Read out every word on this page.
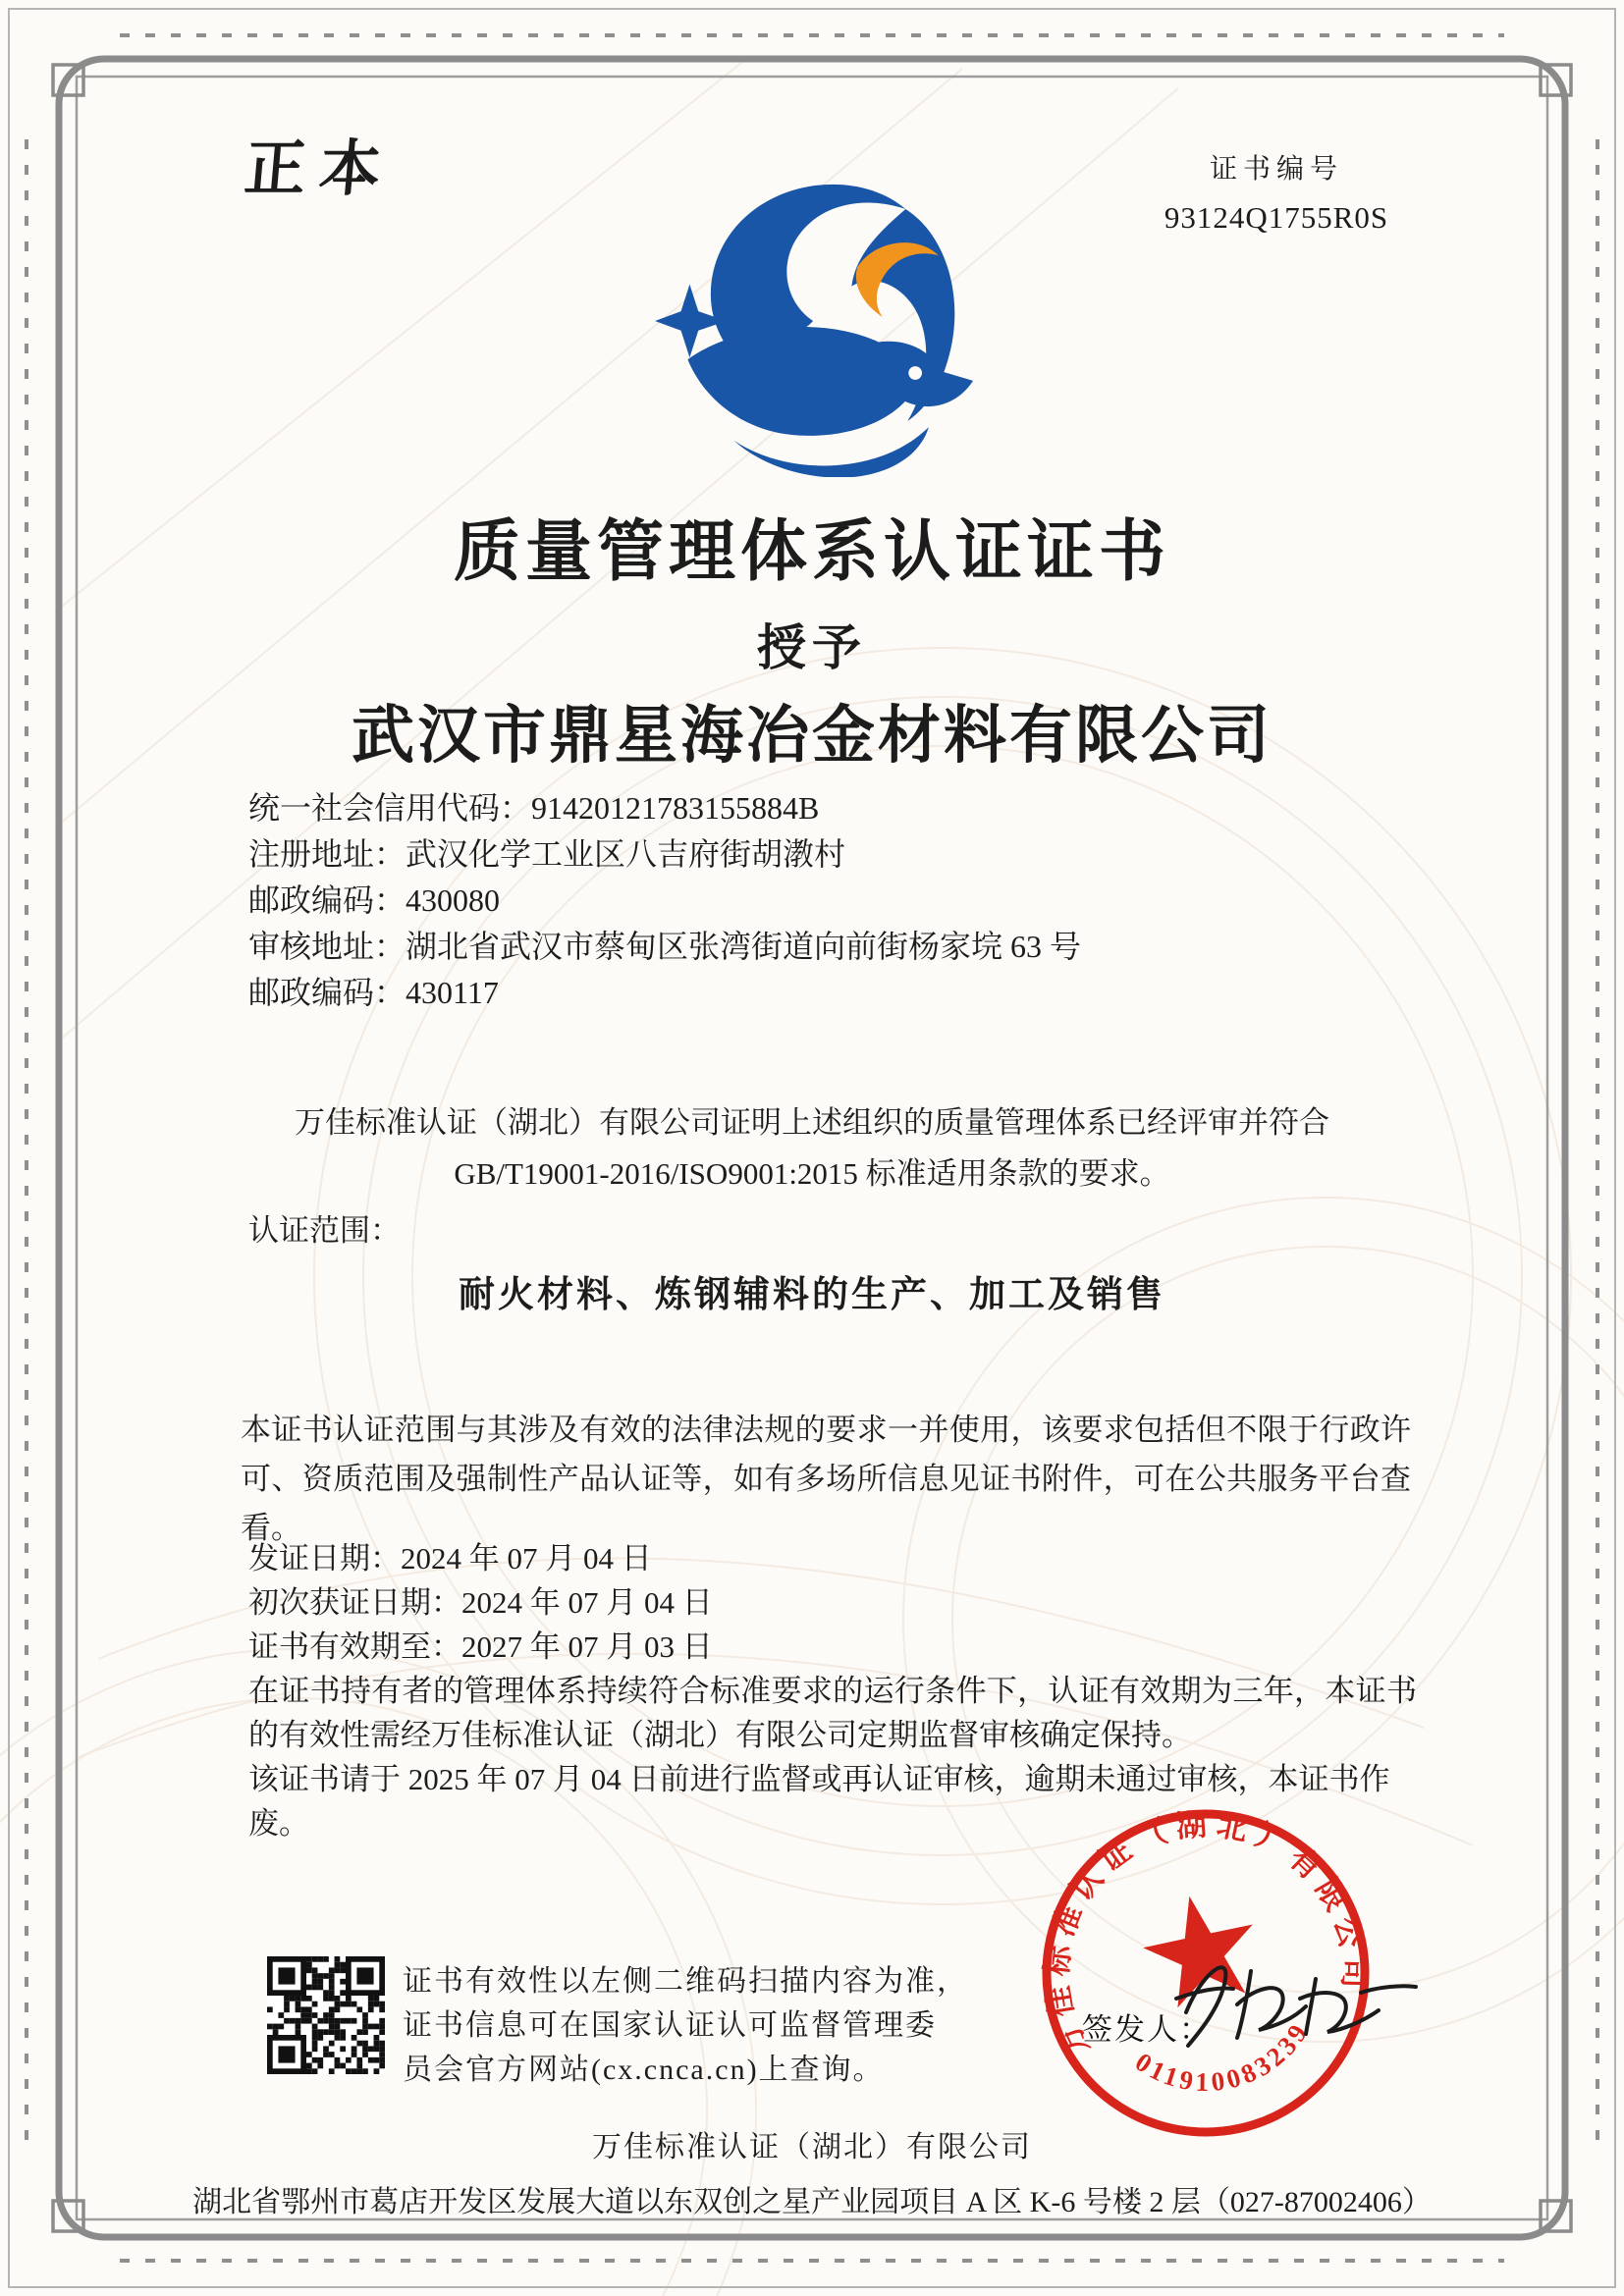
正本	证书编号
93124Q1755R0S
质量管理体系认证证书
授予
武汉市鼎星海冶金材料有限公司
统一社会信用代码：91420121783155884B
注册地址：武汉化学工业区八吉府街胡漖村
邮政编码：430080
审核地址：湖北省武汉市蔡甸区张湾街道向前街杨家垸 63 号
邮政编码：430117
万佳标准认证（湖北）有限公司证明上述组织的质量管理体系已经评审并符合
GB/T19001-2016/ISO9001:2015 标准适用条款的要求。
认证范围：
耐火材料、炼钢辅料的生产、加工及销售
本证书认证范围与其涉及有效的法律法规的要求一并使用，该要求包括但不限于行政许可、资质范围及强制性产品认证等，如有多场所信息见证书附件，可在公共服务平台查看。
发证日期：2024 年 07 月 04 日
初次获证日期：2024 年 07 月 04 日
证书有效期至：2027 年 07 月 03 日
在证书持有者的管理体系持续符合标准要求的运行条件下，认证有效期为三年，本证书的有效性需经万佳标准认证（湖北）有限公司定期监督审核确定保持。
该证书请于 2025 年 07 月 04 日前进行监督或再认证审核，逾期未通过审核，本证书作废。
证书有效性以左侧二维码扫描内容为准，
证书信息可在国家认证认可监督管理委
员会官方网站(cx.cnca.cn)上查询。
万佳标准认证（湖北）有限公司
011910083239
签发人：
万佳标准认证（湖北）有限公司
湖北省鄂州市葛店开发区发展大道以东双创之星产业园项目 A 区 K-6 号楼 2 层（027-87002406）
